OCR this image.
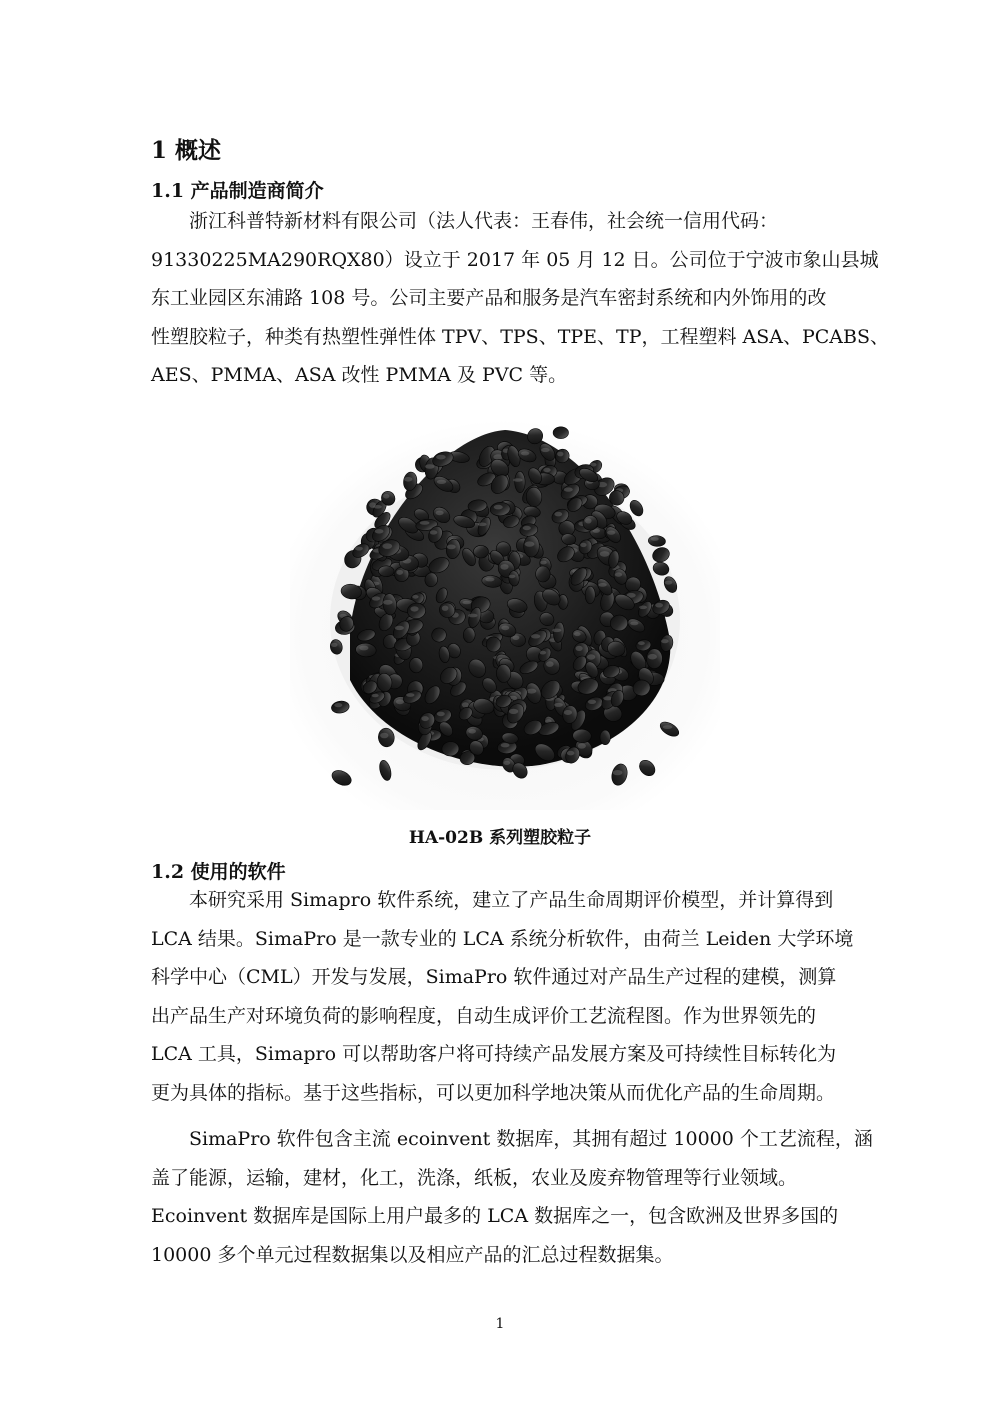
1 概述
1.1 产品制造商简介
浙江科普特新材料有限公司（法人代表：王春伟，社会统一信用代码：
91330225MA290RQX80）设立于 2017 年 05 月 12 日。公司位于宁波市象山县城
东工业园区东浦路 108 号。公司主要产品和服务是汽车密封系统和内外饰用的改
性塑胶粒子，种类有热塑性弹性体 TPV、TPS、TPE、TP，工程塑料 ASA、PCABS、
AES、PMMA、ASA 改性 PMMA 及 PVC 等。

HA-02B 系列塑胶粒子

1.2 使用的软件
本研究采用 Simapro 软件系统，建立了产品生命周期评价模型，并计算得到
LCA 结果。SimaPro 是一款专业的 LCA 系统分析软件，由荷兰 Leiden 大学环境
科学中心（CML）开发与发展，SimaPro 软件通过对产品生产过程的建模，测算
出产品生产对环境负荷的影响程度，自动生成评价工艺流程图。作为世界领先的
LCA 工具，Simapro 可以帮助客户将可持续产品发展方案及可持续性目标转化为
更为具体的指标。基于这些指标，可以更加科学地决策从而优化产品的生命周期。
SimaPro 软件包含主流 ecoinvent 数据库，其拥有超过 10000 个工艺流程，涵
盖了能源，运输，建材，化工，洗涤，纸板，农业及废弃物管理等行业领域。
Ecoinvent 数据库是国际上用户最多的 LCA 数据库之一，包含欧洲及世界多国的
10000 多个单元过程数据集以及相应产品的汇总过程数据集。

1
